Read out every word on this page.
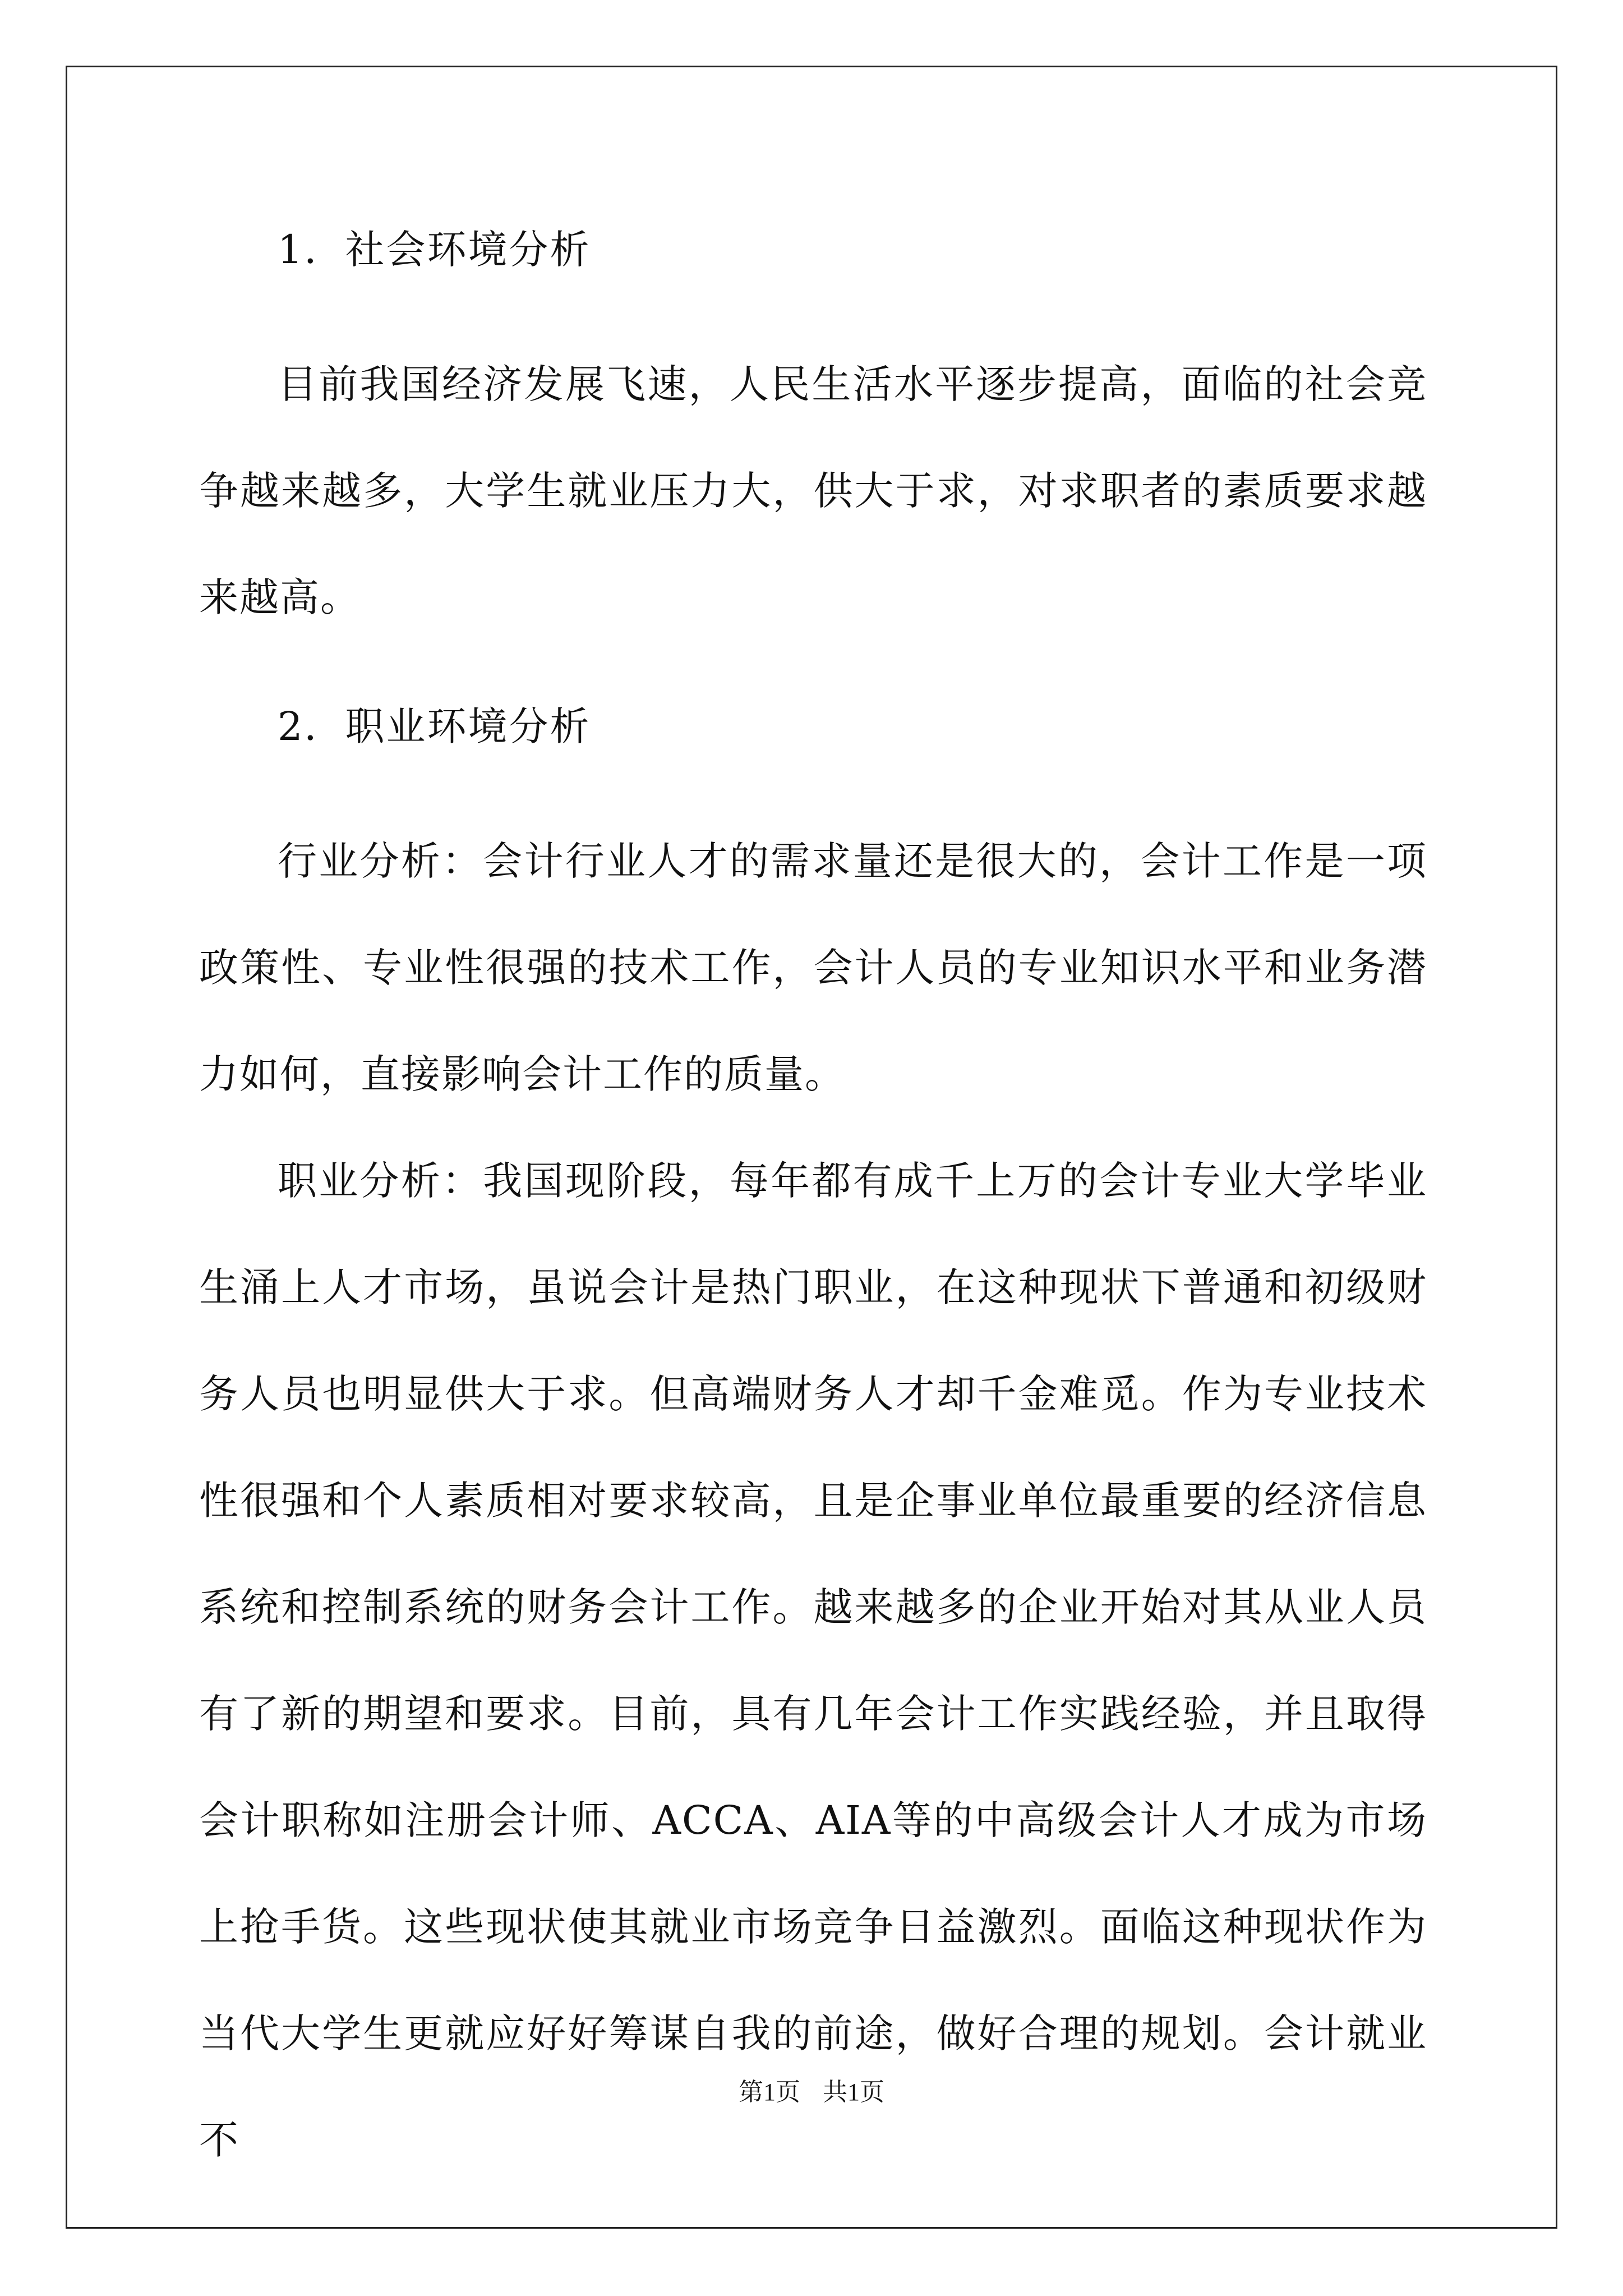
1．社会环境分析

目前我国经济发展飞速，人民生活水平逐步提高，面临的社会竞争越来越多，大学生就业压力大，供大于求，对求职者的素质要求越来越高。

2．职业环境分析

行业分析：会计行业人才的需求量还是很大的，会计工作是一项政策性、专业性很强的技术工作，会计人员的专业知识水平和业务潜力如何，直接影响会计工作的质量。

职业分析：我国现阶段，每年都有成千上万的会计专业大学毕业生涌上人才市场，虽说会计是热门职业，在这种现状下普通和初级财务人员也明显供大于求。但高端财务人才却千金难觅。作为专业技术性很强和个人素质相对要求较高，且是企事业单位最重要的经济信息系统和控制系统的财务会计工作。越来越多的企业开始对其从业人员有了新的期望和要求。目前，具有几年会计工作实践经验，并且取得会计职称如注册会计师、ACCA、AIA等的中高级会计人才成为市场上抢手货。这些现状使其就业市场竞争日益激烈。面临这种现状作为当代大学生更就应好好筹谋自我的前途，做好合理的规划。会计就业不

第1页 共1页
